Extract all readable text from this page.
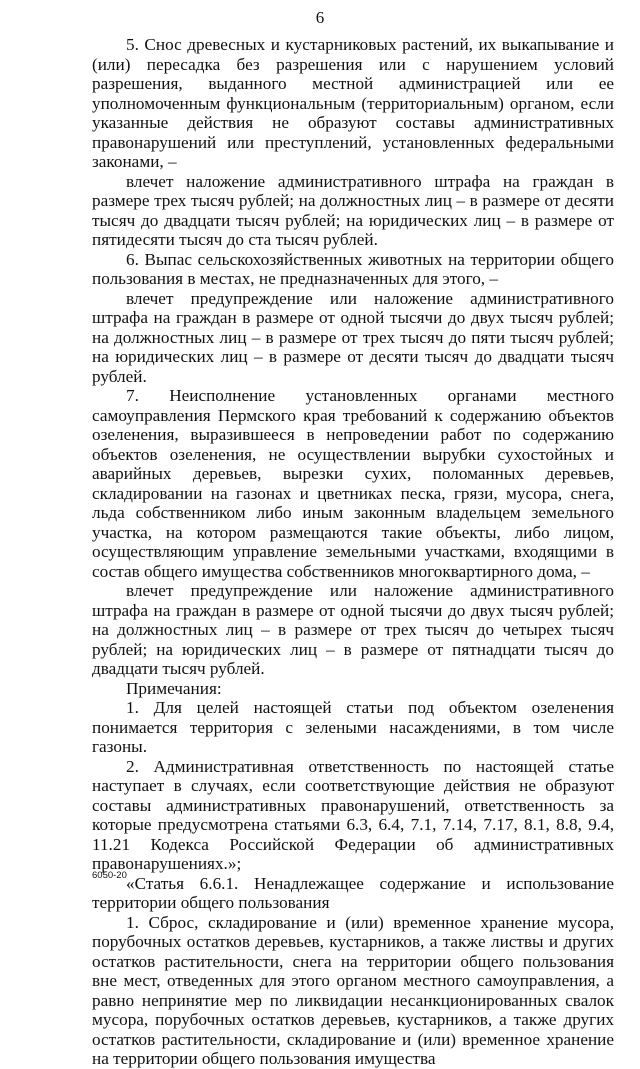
6

5. Снос древесных и кустарниковых растений, их выкапывание и (или) пересадка без разрешения или с нарушением условий разрешения, выданного местной администрацией или ее уполномоченным функциональным (территориальным) органом, если указанные действия не образуют составы административных правонарушений или преступлений, установленных федеральными законами, –

влечет наложение административного штрафа на граждан в размере трех тысяч рублей; на должностных лиц – в размере от десяти тысяч до двадцати тысяч рублей; на юридических лиц – в размере от пятидесяти тысяч до ста тысяч рублей.

6. Выпас сельскохозяйственных животных на территории общего пользования в местах, не предназначенных для этого, –

влечет предупреждение или наложение административного штрафа на граждан в размере от одной тысячи до двух тысяч рублей; на должностных лиц – в размере от трех тысяч до пяти тысяч рублей; на юридических лиц – в размере от десяти тысяч до двадцати тысяч рублей.

7. Неисполнение установленных органами местного самоуправления Пермского края требований к содержанию объектов озеленения, выразившееся в непроведении работ по содержанию объектов озеленения, не осуществлении вырубки сухостойных и аварийных деревьев, вырезки сухих, поломанных деревьев, складировании на газонах и цветниках песка, грязи, мусора, снега, льда собственником либо иным законным владельцем земельного участка, на котором размещаются такие объекты, либо лицом, осуществляющим управление земельными участками, входящими в состав общего имущества собственников многоквартирного дома, –

влечет предупреждение или наложение административного штрафа на граждан в размере от одной тысячи до двух тысяч рублей; на должностных лиц – в размере от трех тысяч до четырех тысяч рублей; на юридических лиц – в размере от пятнадцати тысяч до двадцати тысяч рублей.

Примечания:

1. Для целей настоящей статьи под объектом озеленения понимается территория с зелеными насаждениями, в том числе газоны.

2. Административная ответственность по настоящей статье наступает в случаях, если соответствующие действия не образуют составы административных правонарушений, ответственность за которые предусмотрена статьями 6.3, 6.4, 7.1, 7.14, 7.17, 8.1, 8.8, 9.4, 11.21 Кодекса Российской Федерации об административных правонарушениях.»;

«Статья 6.6.1. Ненадлежащее содержание и использование территории общего пользования

1. Сброс, складирование и (или) временное хранение мусора, порубочных остатков деревьев, кустарников, а также листвы и других остатков растительности, снега на территории общего пользования вне мест, отведенных для этого органом местного самоуправления, а равно непринятие мер по ликвидации несанкционированных свалок мусора, порубочных остатков деревьев, кустарников, а также других остатков растительности, складирование и (или) временное хранение на территории общего пользования имущества

6050-20
